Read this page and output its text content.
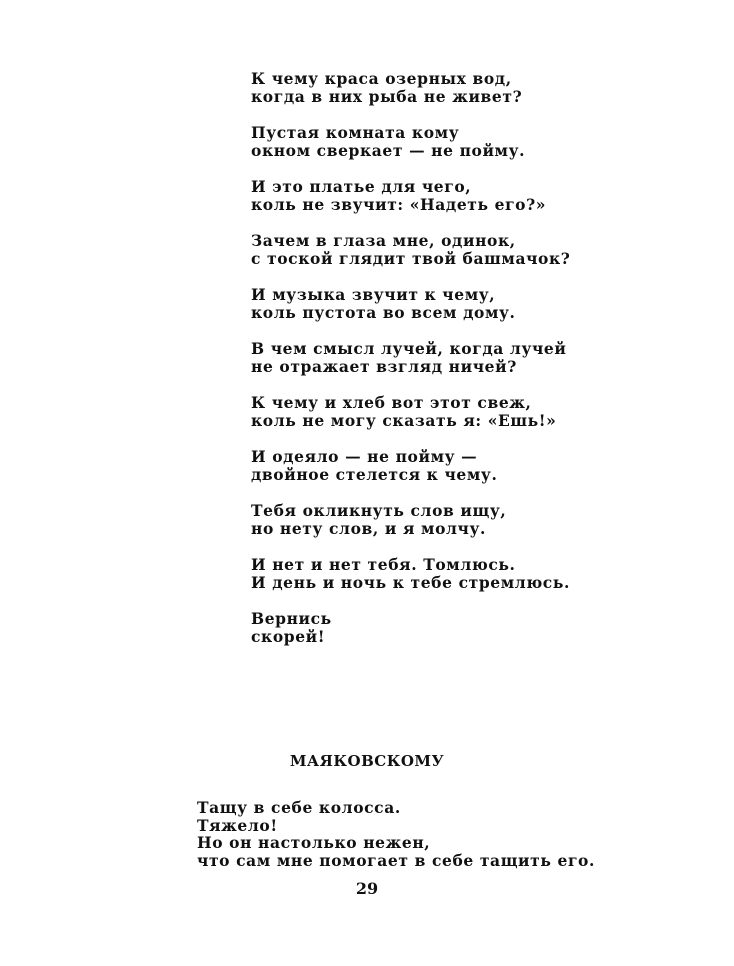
К чему краса озерных вод,
когда в них рыба не живет?
Пустая комната кому
окном сверкает — не пойму.
И это платье для чего,
коль не звучит: «Надеть его?»
Зачем в глаза мне, одинок,
с тоской глядит твой башмачок?
И музыка звучит к чему,
коль пустота во всем дому.
В чем смысл лучей, когда лучей
не отражает взгляд ничей?
К чему и хлеб вот этот свеж,
коль не могу сказать я: «Ешь!»
И одеяло — не пойму —
двойное стелется к чему.
Тебя окликнуть слов ищу,
но нету слов, и я молчу.
И нет и нет тебя. Томлюсь.
И день и ночь к тебе стремлюсь.
Вернись
скорей!
МАЯКОВСКОМУ
Тащу в себе колосса.
Тяжело!
Но он настолько нежен,
что сам мне помогает в себе тащить его.
29
